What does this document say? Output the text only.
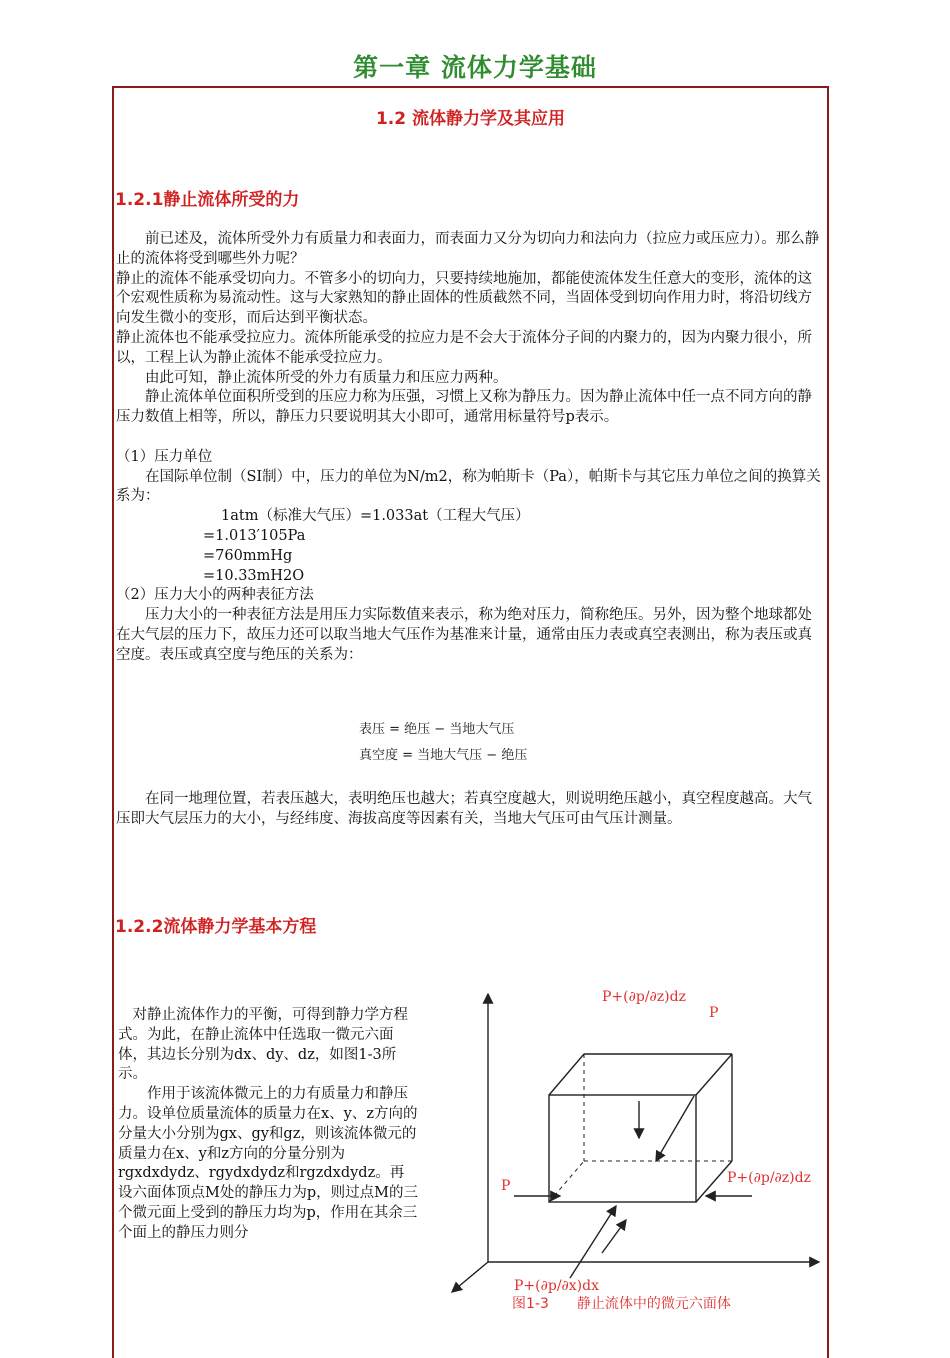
第一章 流体力学基础
1.2 流体静力学及其应用
1.2.1静止流体所受的力

前已述及，流体所受外力有质量力和表面力，而表面力又分为切向力和法向力（拉应力或压应力）。那么静止的流体将受到哪些外力呢？

静止的流体不能承受切向力。不管多小的切向力，只要持续地施加，都能使流体发生任意大的变形，流体的这个宏观性质称为易流动性。这与大家熟知的静止固体的性质截然不同，当固体受到切向作用力时，将沿切线方向发生微小的变形，而后达到平衡状态。

静止流体也不能承受拉应力。流体所能承受的拉应力是不会大于流体分子间的内聚力的，因为内聚力很小，所以，工程上认为静止流体不能承受拉应力。

由此可知，静止流体所受的外力有质量力和压应力两种。

静止流体单位面积所受到的压应力称为压强，习惯上又称为静压力。因为静止流体中任一点不同方向的静压力数值上相等，所以，静压力只要说明其大小即可，通常用标量符号p表示。

（1）压力单位

在国际单位制（SI制）中，压力的单位为N/m2，称为帕斯卡（Pa），帕斯卡与其它压力单位之间的换算关系为：

1atm（标准大气压）=1.033at（工程大气压）

=1.013′105Pa

=760mmHg

=10.33mH2O

（2）压力大小的两种表征方法

压力大小的一种表征方法是用压力实际数值来表示，称为绝对压力，简称绝压。另外，因为整个地球都处在大气层的压力下，故压力还可以取当地大气压作为基准来计量，通常由压力表或真空表测出，称为表压或真空度。表压或真空度与绝压的关系为：

表压 = 绝压 − 当地大气压
真空度 = 当地大气压 − 绝压

在同一地理位置，若表压越大，表明绝压也越大；若真空度越大，则说明绝压越小，真空程度越高。大气压即大气层压力的大小，与经纬度、海拔高度等因素有关，当地大气压可由气压计测量。

1.2.2流体静力学基本方程

对静止流体作力的平衡，可得到静力学方程式。为此，在静止流体中任选取一微元六面体，其边长分别为dx、dy、dz，如图1-3所示。

作用于该流体微元上的力有质量力和静压力。设单位质量流体的质量力在x、y、z方向的分量大小分别为gx、gy和gz，则该流体微元的质量力在x、y和z方向的分量分别为rgxdxdydz、rgydxdydz和rgzdxdydz。再设六面体顶点M处的静压力为p，则过点M的三个微元面上受到的静压力均为p，作用在其余三个面上的静压力则分

P+(∂p/∂z)dz
P
P	P+(∂p/∂z)dz
P+(∂p/∂x)dx
图1-3　　静止流体中的微元六面体
